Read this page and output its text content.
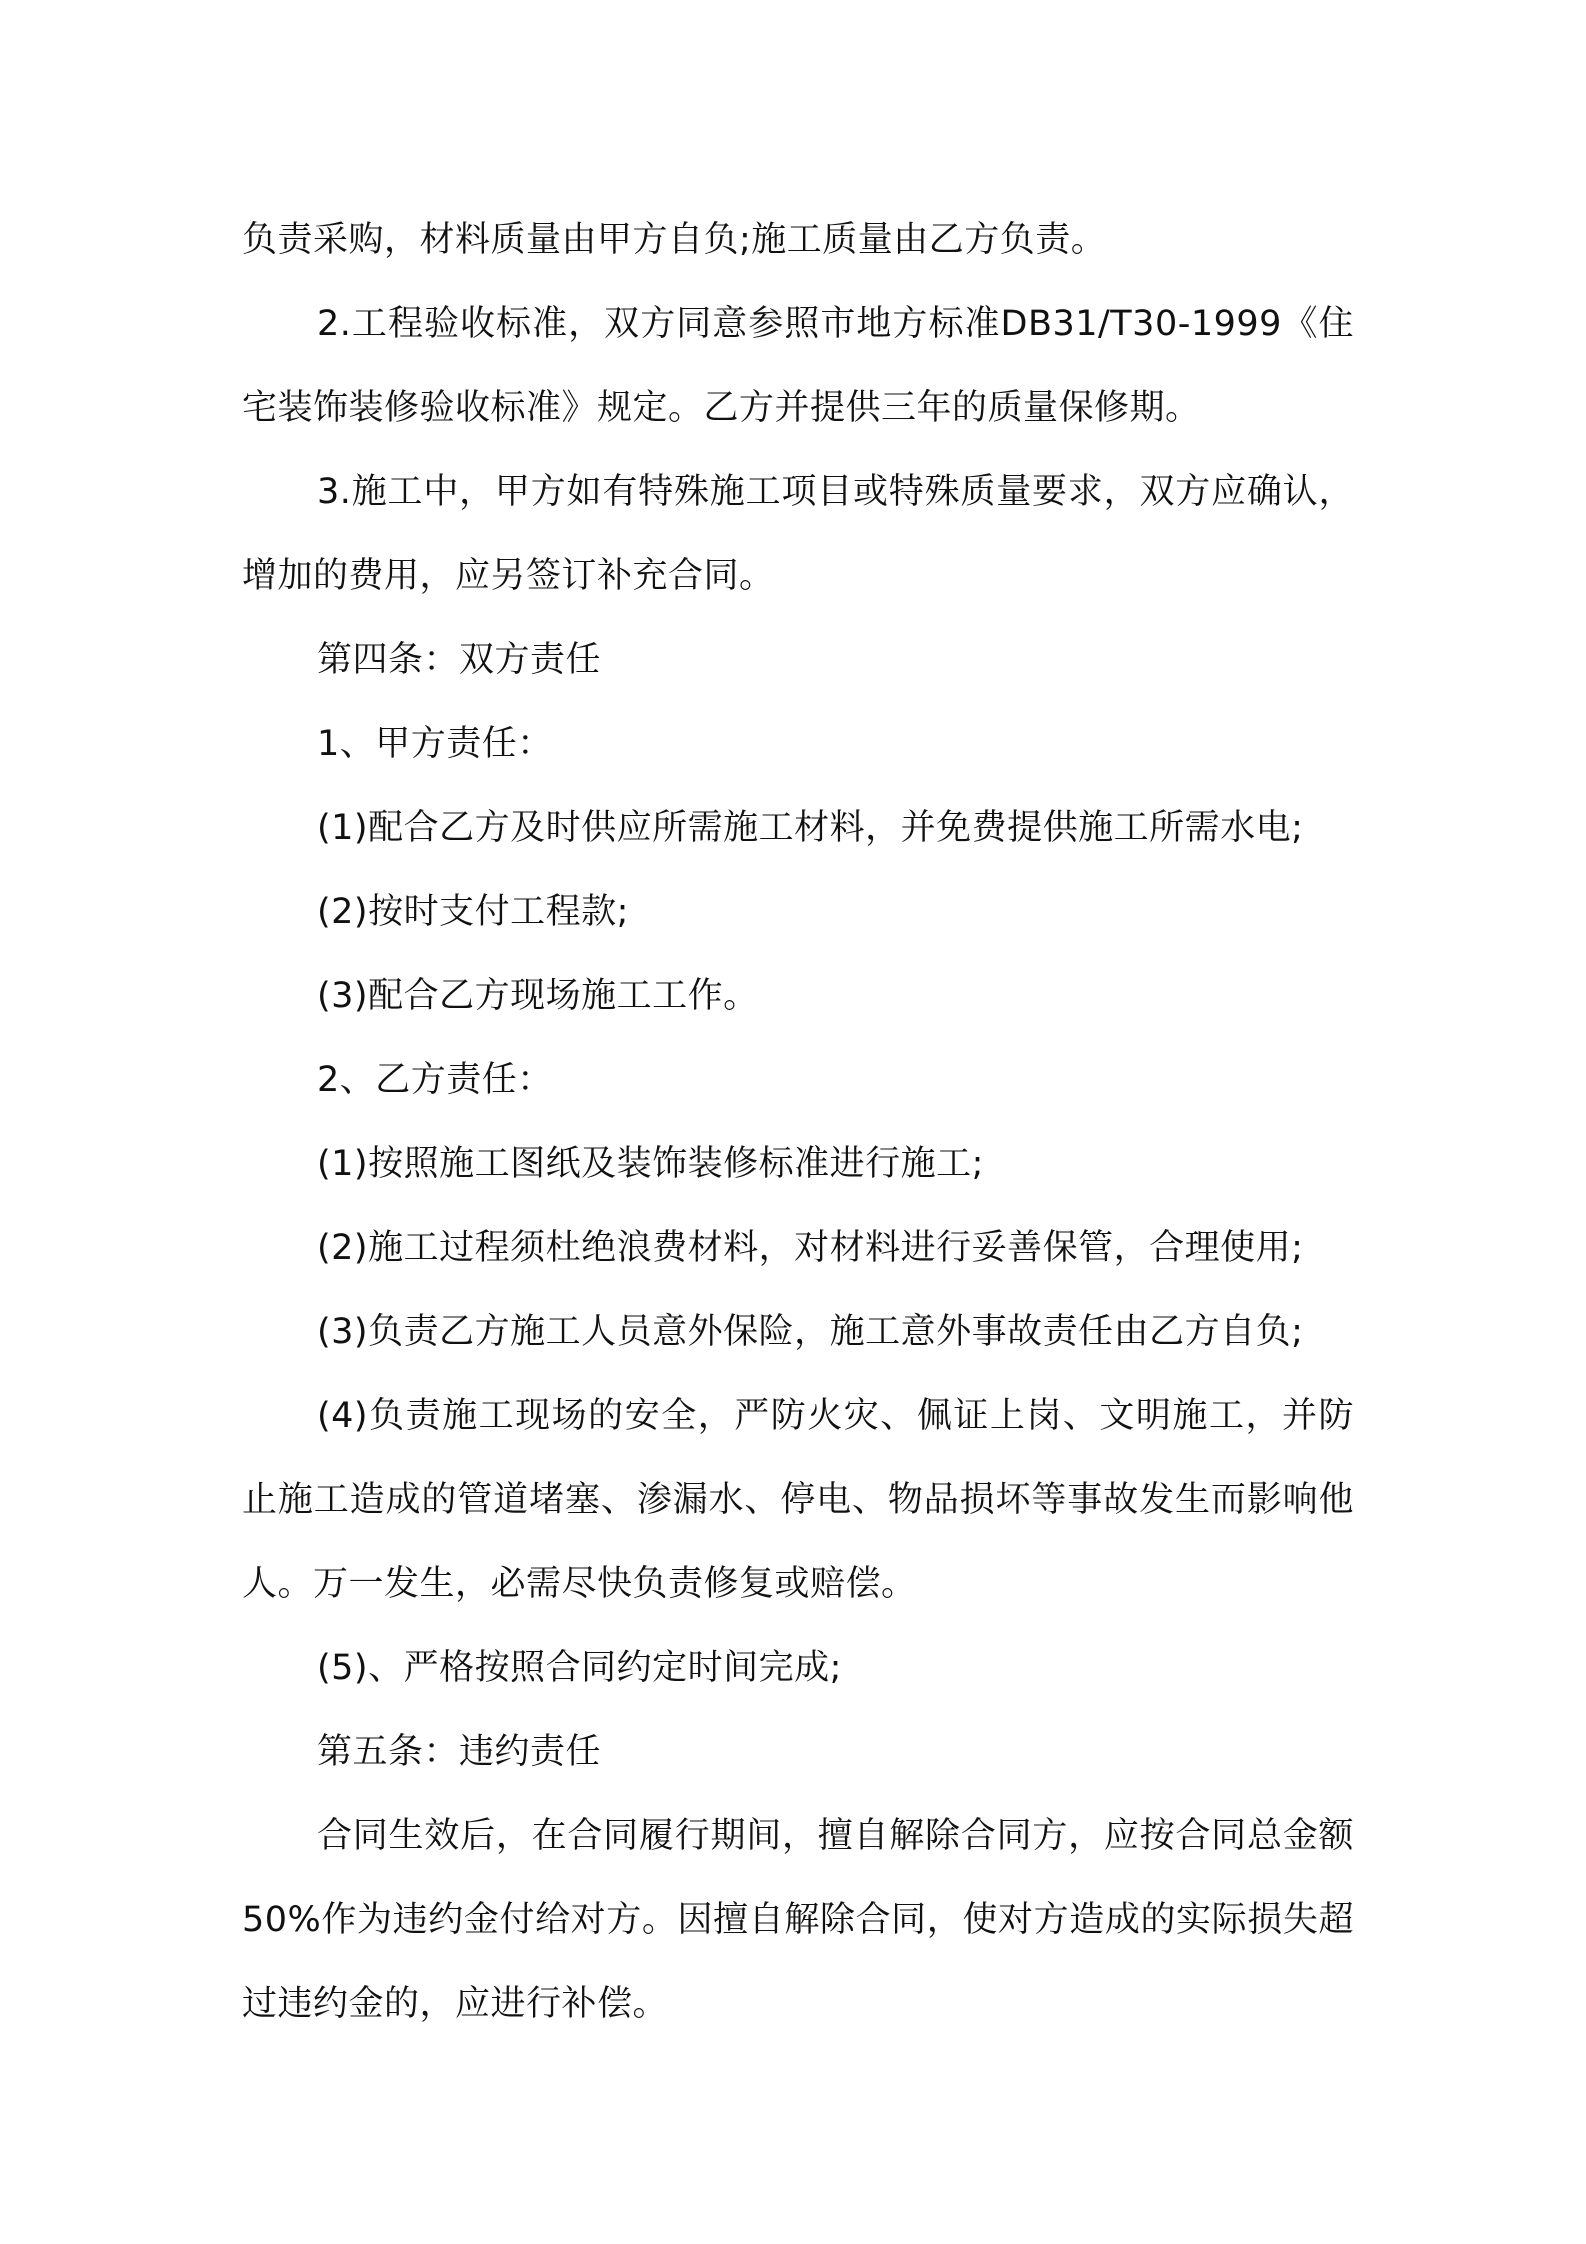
负责采购，材料质量由甲方自负;施工质量由乙方负责。

2.工程验收标准，双方同意参照市地方标准DB31/T30-1999《住宅装饰装修验收标准》规定。乙方并提供三年的质量保修期。

3.施工中，甲方如有特殊施工项目或特殊质量要求，双方应确认，增加的费用，应另签订补充合同。

第四条：双方责任

1、甲方责任：

(1)配合乙方及时供应所需施工材料，并免费提供施工所需水电;

(2)按时支付工程款;

(3)配合乙方现场施工工作。

2、乙方责任：

(1)按照施工图纸及装饰装修标准进行施工;

(2)施工过程须杜绝浪费材料，对材料进行妥善保管，合理使用;

(3)负责乙方施工人员意外保险，施工意外事故责任由乙方自负;

(4)负责施工现场的安全，严防火灾、佩证上岗、文明施工，并防止施工造成的管道堵塞、渗漏水、停电、物品损坏等事故发生而影响他人。万一发生，必需尽快负责修复或赔偿。

(5)、严格按照合同约定时间完成;

第五条：违约责任

合同生效后，在合同履行期间，擅自解除合同方，应按合同总金额 50%作为违约金付给对方。因擅自解除合同，使对方造成的实际损失超过违约金的，应进行补偿。
